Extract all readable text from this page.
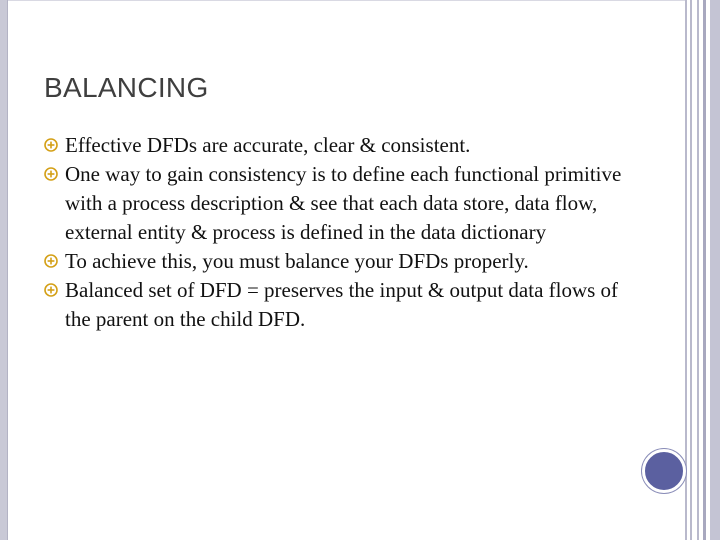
BALANCING
Effective DFDs are accurate, clear & consistent.
One way to gain consistency is to define each functional primitive with a process description & see that each data store, data flow, external entity & process is defined in the data dictionary
To achieve this, you must balance your DFDs properly.
Balanced set of DFD = preserves the input & output data flows of the parent on the child DFD.
